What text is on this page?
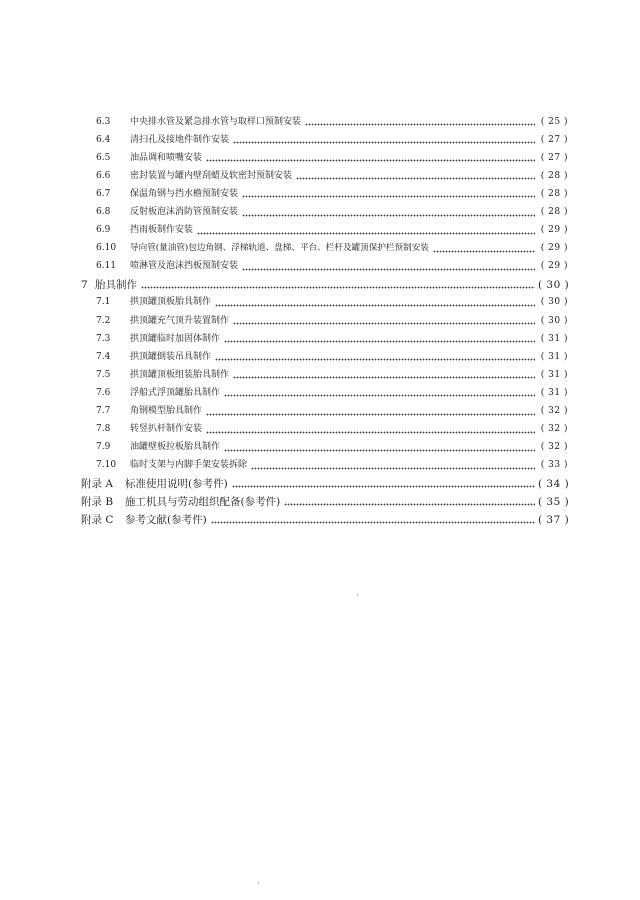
6.3	中央排水管及紧急排水管与取样口预制安装	( 25 )
6.4	清扫孔及接地件制作安装	( 27 )
6.5	油品调和喷嘴安装	( 27 )
6.6	密封装置与罐内壁刮蜡及软密封预制安装	( 28 )
6.7	保温角钢与挡水檐预制安装	( 28 )
6.8	反射板泡沫消防管预制安装	( 28 )
6.9	挡雨板制作安装	( 29 )
6.10	导向管(量油管)包边角钢、浮梯轨道、盘梯、平台、栏杆及罐顶保护栏预制安装	( 29 )
6.11	喷淋管及泡沫挡板预制安装	( 29 )
7 胎具制作	( 30 )
7.1	拱顶罐顶板胎具制作	( 30 )
7.2	拱顶罐充气顶升装置制作	( 30 )
7.3	拱顶罐临时加固体制作	( 31 )
7.4	拱顶罐倒装吊具制作	( 31 )
7.5	拱顶罐顶板组装胎具制作	( 31 )
7.6	浮船式浮顶罐胎具制作	( 31 )
7.7	角钢模型胎具制作	( 32 )
7.8	转竖扒杆制作安装	( 32 )
7.9	油罐壁板拉板胎具制作	( 32 )
7.10	临时支架与内脚手架安装拆除	( 33 )
附录 A	标准使用说明(参考件)	( 34 )
附录 B	施工机具与劳动组织配备(参考件)	( 35 )
附录 C	参考文献(参考件)	( 37 )
